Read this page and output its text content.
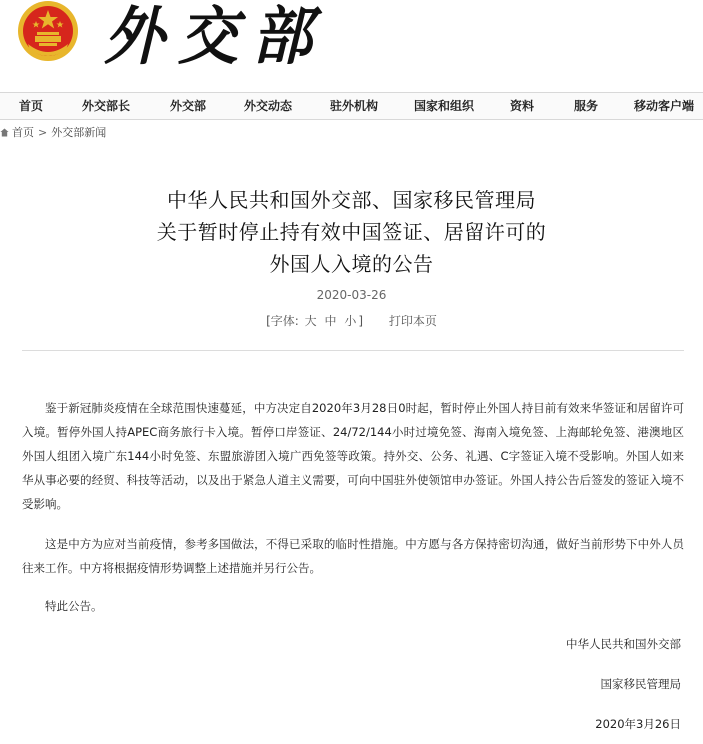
外交部
首页	外交部长	外交部	外交动态	驻外机构	国家和组织	资料	服务	移动客户端
首页 > 外交部新闻
中华人民共和国外交部、国家移民管理局
关于暂时停止持有效中国签证、居留许可的
外国人入境的公告
2020-03-26
[字体: 大 中 小 ] 打印本页
鉴于新冠肺炎疫情在全球范围快速蔓延，中方决定自2020年3月28日0时起，暂时停止外国人持目前有效来华签证和居留许可入境。暂停外国人持APEC商务旅行卡入境。暂停口岸签证、24/72/144小时过境免签、海南入境免签、上海邮轮免签、港澳地区外国人组团入境广东144小时免签、东盟旅游团入境广西免签等政策。持外交、公务、礼遇、C字签证入境不受影响。外国人如来华从事必要的经贸、科技等活动，以及出于紧急人道主义需要，可向中国驻外使领馆申办签证。外国人持公告后签发的签证入境不受影响。
这是中方为应对当前疫情，参考多国做法，不得已采取的临时性措施。中方愿与各方保持密切沟通，做好当前形势下中外人员往来工作。中方将根据疫情形势调整上述措施并另行公告。
特此公告。
中华人民共和国外交部
国家移民管理局
2020年3月26日
